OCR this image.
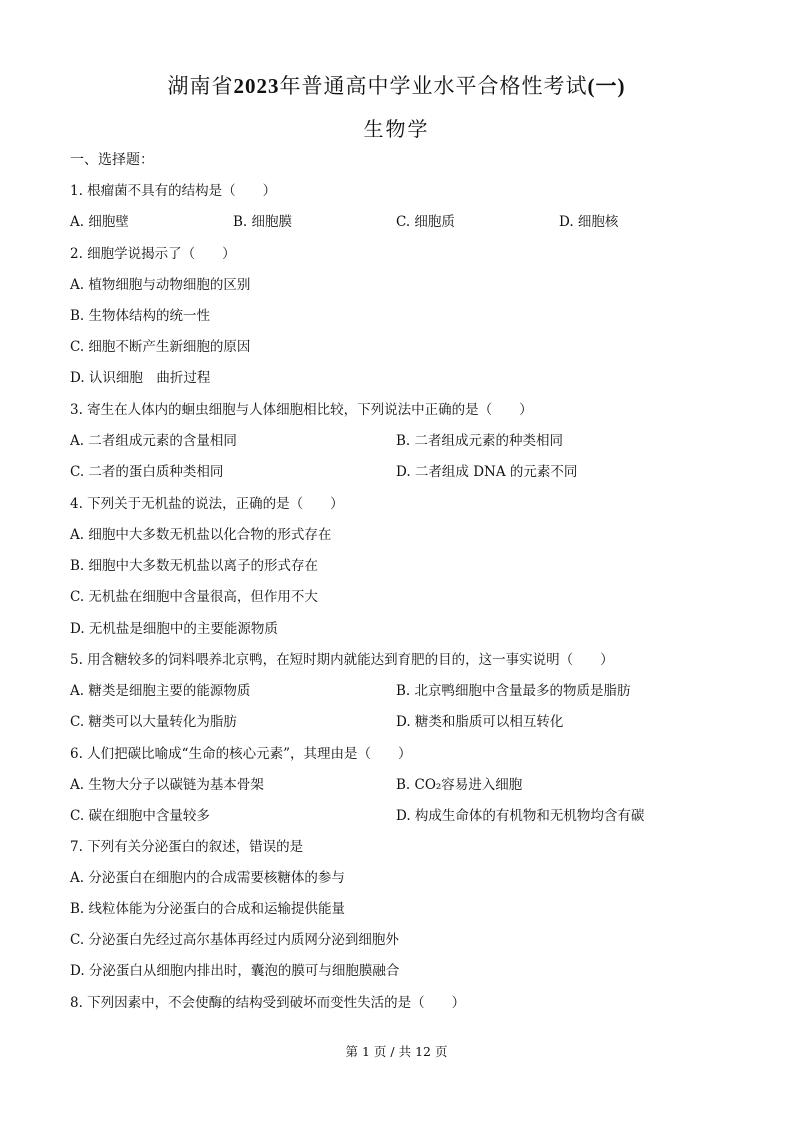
湖南省2023年普通高中学业水平合格性考试(一)
生物学
一、选择题：
1. 根瘤菌不具有的结构是（　　）
A. 细胞壁	B. 细胞膜	C. 细胞质	D. 细胞核
2. 细胞学说揭示了（　　）
A. 植物细胞与动物细胞的区别
B. 生物体结构的统一性
C. 细胞不断产生新细胞的原因
D. 认识细胞　曲折过程
3. 寄生在人体内的蛔虫细胞与人体细胞相比较，下列说法中正确的是（　　）
A. 二者组成元素的含量相同	B. 二者组成元素的种类相同
C. 二者的蛋白质种类相同	D. 二者组成 DNA 的元素不同
4. 下列关于无机盐的说法，正确的是（　　）
A. 细胞中大多数无机盐以化合物的形式存在
B. 细胞中大多数无机盐以离子的形式存在
C. 无机盐在细胞中含量很高，但作用不大
D. 无机盐是细胞中的主要能源物质
5. 用含糖较多的饲料喂养北京鸭，在短时期内就能达到育肥的目的，这一事实说明（　　）
A. 糖类是细胞主要的能源物质	B. 北京鸭细胞中含量最多的物质是脂肪
C. 糖类可以大量转化为脂肪	D. 糖类和脂质可以相互转化
6. 人们把碳比喻成“生命的核心元素”，其理由是（　　）
A. 生物大分子以碳链为基本骨架	B. CO₂容易进入细胞
C. 碳在细胞中含量较多	D. 构成生命体的有机物和无机物均含有碳
7. 下列有关分泌蛋白的叙述，错误的是
A. 分泌蛋白在细胞内的合成需要核糖体的参与
B. 线粒体能为分泌蛋白的合成和运输提供能量
C. 分泌蛋白先经过高尔基体再经过内质网分泌到细胞外
D. 分泌蛋白从细胞内排出时，囊泡的膜可与细胞膜融合
8. 下列因素中，不会使酶的结构受到破坏而变性失活的是（　　）
第 1 页 / 共 12 页
